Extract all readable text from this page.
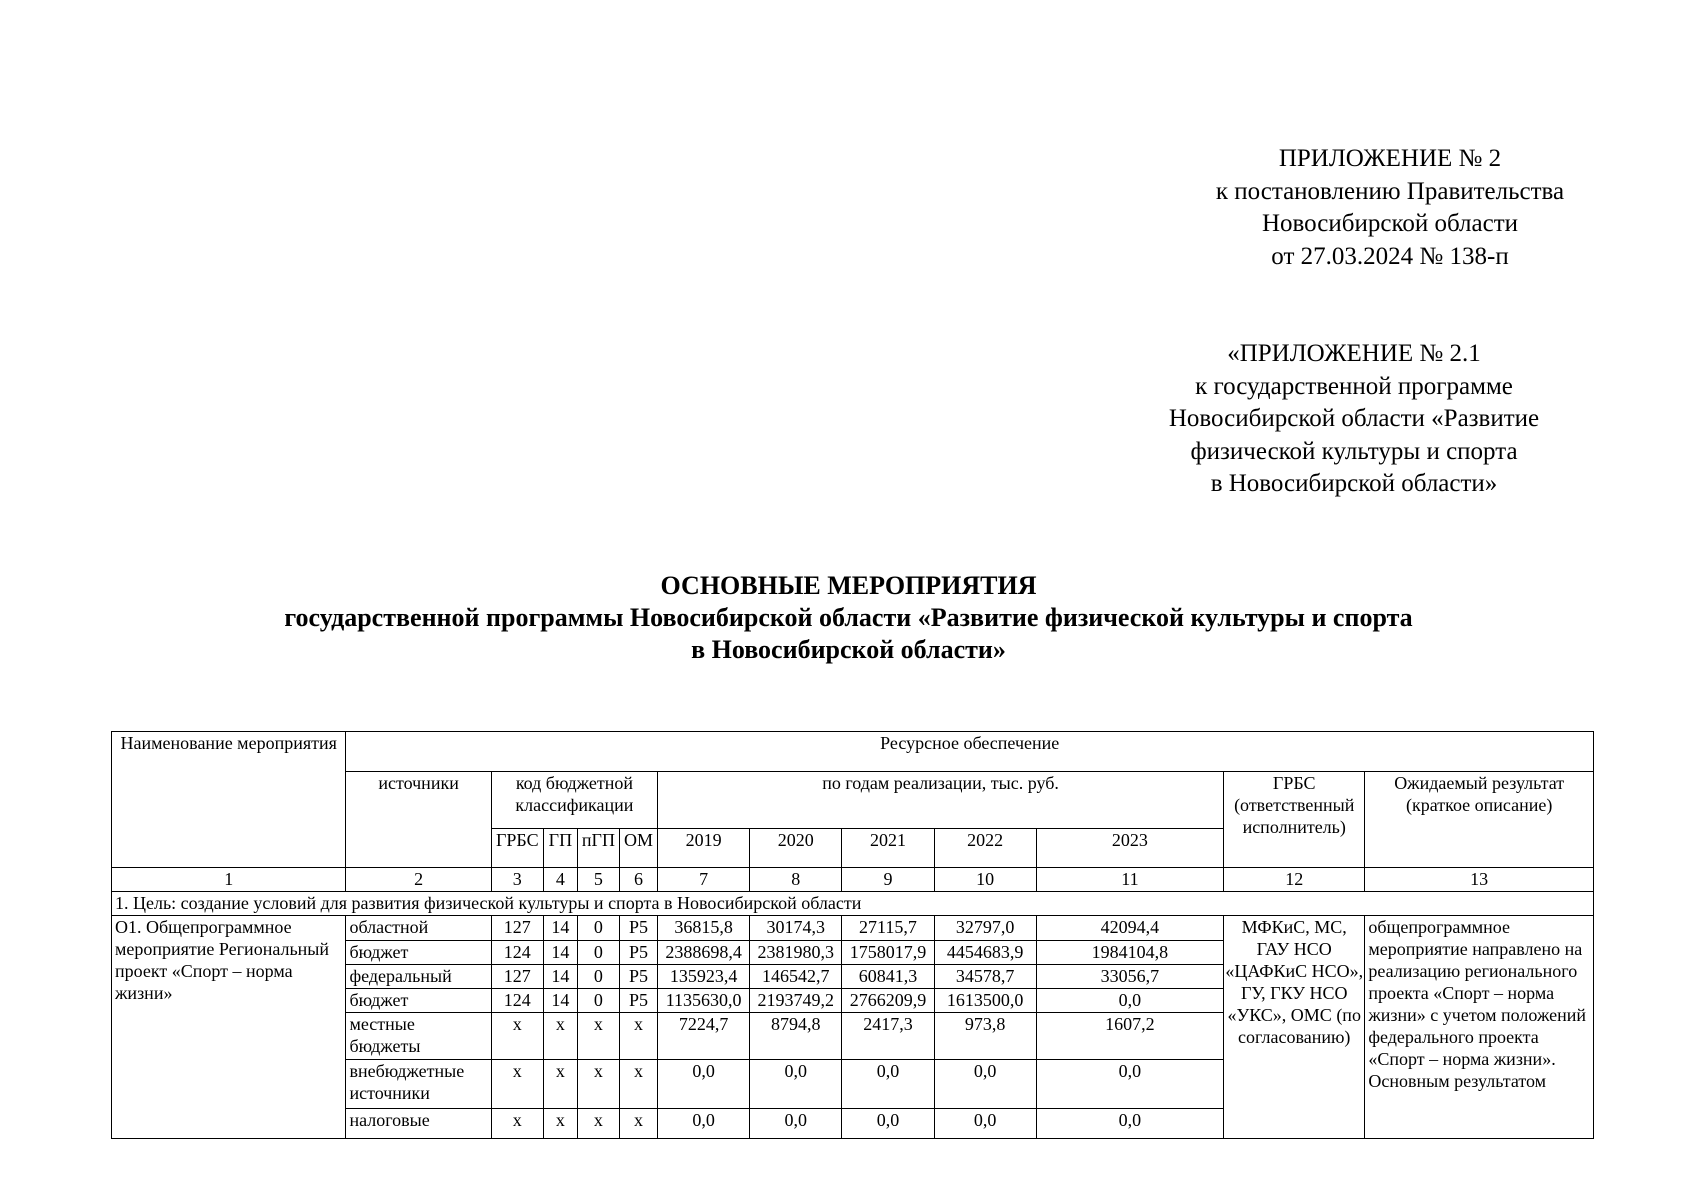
ПРИЛОЖЕНИЕ № 2
к постановлению Правительства
Новосибирской области
от 27.03.2024 № 138-п
«ПРИЛОЖЕНИЕ № 2.1
к государственной программе
Новосибирской области «Развитие
физической культуры и спорта
в Новосибирской области»
ОСНОВНЫЕ МЕРОПРИЯТИЯ
государственной программы Новосибирской области «Развитие физической культуры и спорта
в Новосибирской области»
Наименование мероприятия	Ресурсное обеспечение											
	источники	код бюджетной классификации				по годам реализации, тыс. руб.					ГРБС (ответственный исполнитель)	Ожидаемый результат (краткое описание)
		ГРБС	ГП	пГП	ОМ	2019	2020	2021	2022	2023		
1	2	3	4	5	6	7	8	9	10	11	12	13
1. Цель: создание условий для развития физической культуры и спорта в Новосибирской области												
О1. Общепрограммное мероприятие Региональный проект «Спорт – норма жизни»	областной	127	14	0	Р5	36815,8	30174,3	27115,7	32797,0	42094,4	МФКиС, МС, ГАУ НСО «ЦАФКиС НСО», ГУ, ГКУ НСО «УКС», ОМС (по согласованию)	общепрограммное мероприятие направлено на реализацию регионального проекта «Спорт – норма жизни» с учетом положений федерального проекта «Спорт – норма жизни». Основным результатом
	бюджет	124	14	0	Р5	2388698,4	2381980,3	1758017,9	4454683,9	1984104,8		
	федеральный	127	14	0	Р5	135923,4	146542,7	60841,3	34578,7	33056,7		
	бюджет	124	14	0	Р5	1135630,0	2193749,2	2766209,9	1613500,0	0,0		
	местные бюджеты	х	х	х	х	7224,7	8794,8	2417,3	973,8	1607,2		
	внебюджетные источники	х	х	х	х	0,0	0,0	0,0	0,0	0,0		
	налоговые	х	х	х	х	0,0	0,0	0,0	0,0	0,0		
